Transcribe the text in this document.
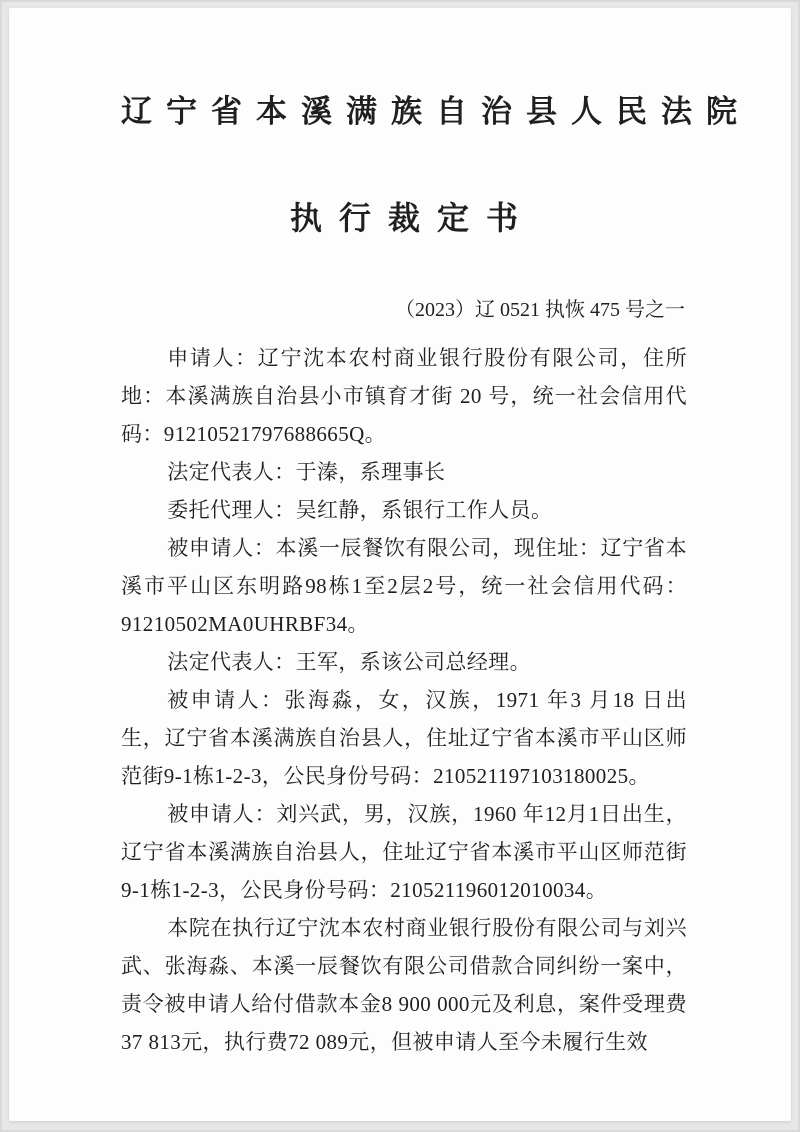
辽宁省本溪满族自治县人民法院
执行裁定书
（2023）辽 0521 执恢 475 号之一

申请人：辽宁沈本农村商业银行股份有限公司，住所地：本溪满族自治县小市镇育才街 20 号，统一社会信用代码：91210521797688665Q。

法定代表人：于溱，系理事长

委托代理人：吴红静，系银行工作人员。

被申请人：本溪一辰餐饮有限公司，现住址：辽宁省本溪市平山区东明路98栋1至2层2号，统一社会信用代码：91210502MA0UHRBF34。

法定代表人：王军，系该公司总经理。

被申请人：张海淼，女，汉族，1971 年3 月18 日出生，辽宁省本溪满族自治县人，住址辽宁省本溪市平山区师范街9-1栋1-2-3，公民身份号码：210521197103180025。

被申请人：刘兴武，男，汉族，1960 年12月1日出生，辽宁省本溪满族自治县人，住址辽宁省本溪市平山区师范街9-1栋1-2-3，公民身份号码：210521196012010034。

本院在执行辽宁沈本农村商业银行股份有限公司与刘兴武、张海淼、本溪一辰餐饮有限公司借款合同纠纷一案中，责令被申请人给付借款本金8 900 000元及利息，案件受理费37 813元，执行费72 089元，但被申请人至今未履行生效
